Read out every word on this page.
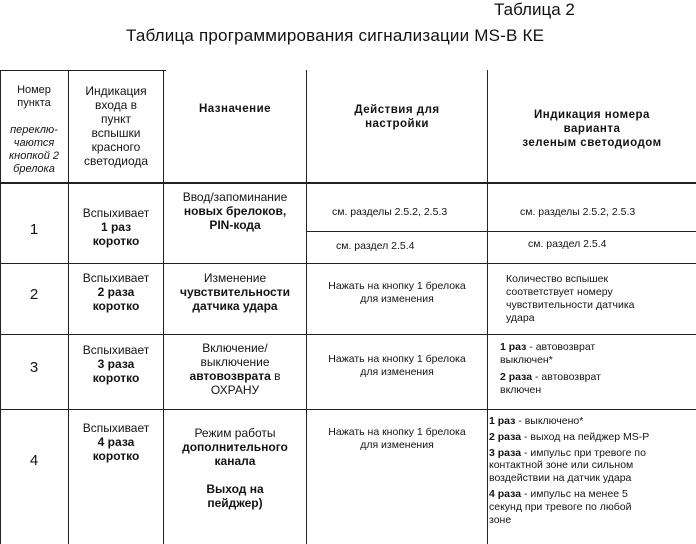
Таблица 2
Таблица программирования сигнализации MS-В КЕ
Номер
пункта
переклю-
чаются
кнопкой 2
брелока
Индикация
входа в
пункт
вспышки
красного
светодиода
Назначение	Действия для
настройки
Индикация номера
варианта
зеленым светодиодом
1
Вспыхивает
1 раз
коротко
Ввод/запоминание
новых брелоков,
PIN-кода
см. разделы 2.5.2, 2.5.3
см. раздел 2.5.4
см. разделы 2.5.2, 2.5.3
см. раздел 2.5.4
2
Вспыхивает
2 раза
коротко
Изменение
чувствительности
датчика удара
Нажать на кнопку 1 брелока
для изменения
Количество вспышек
соответствует номеру
чувствительности датчика
удара
3
Вспыхивает
3 раза
коротко
Включение/
выключение
автовозврата в
ОХРАНУ
Нажать на кнопку 1 брелока
для изменения
1 раз - автовозврат
выключен*
2 раза - автовозврат
включен
4
Вспыхивает
4 раза
коротко
Режим работы
дополнительного
канала
Выход на
пейджер)
Нажать на кнопку 1 брелока
для изменения
1 раз - выключено*
2 раза - выход на пейджер MS-P
3 раза - импульс при тревоге по
контактной зоне или сильном
воздействии на датчик удара
4 раза - импульс на менее 5
секунд при тревоге по любой
зоне
